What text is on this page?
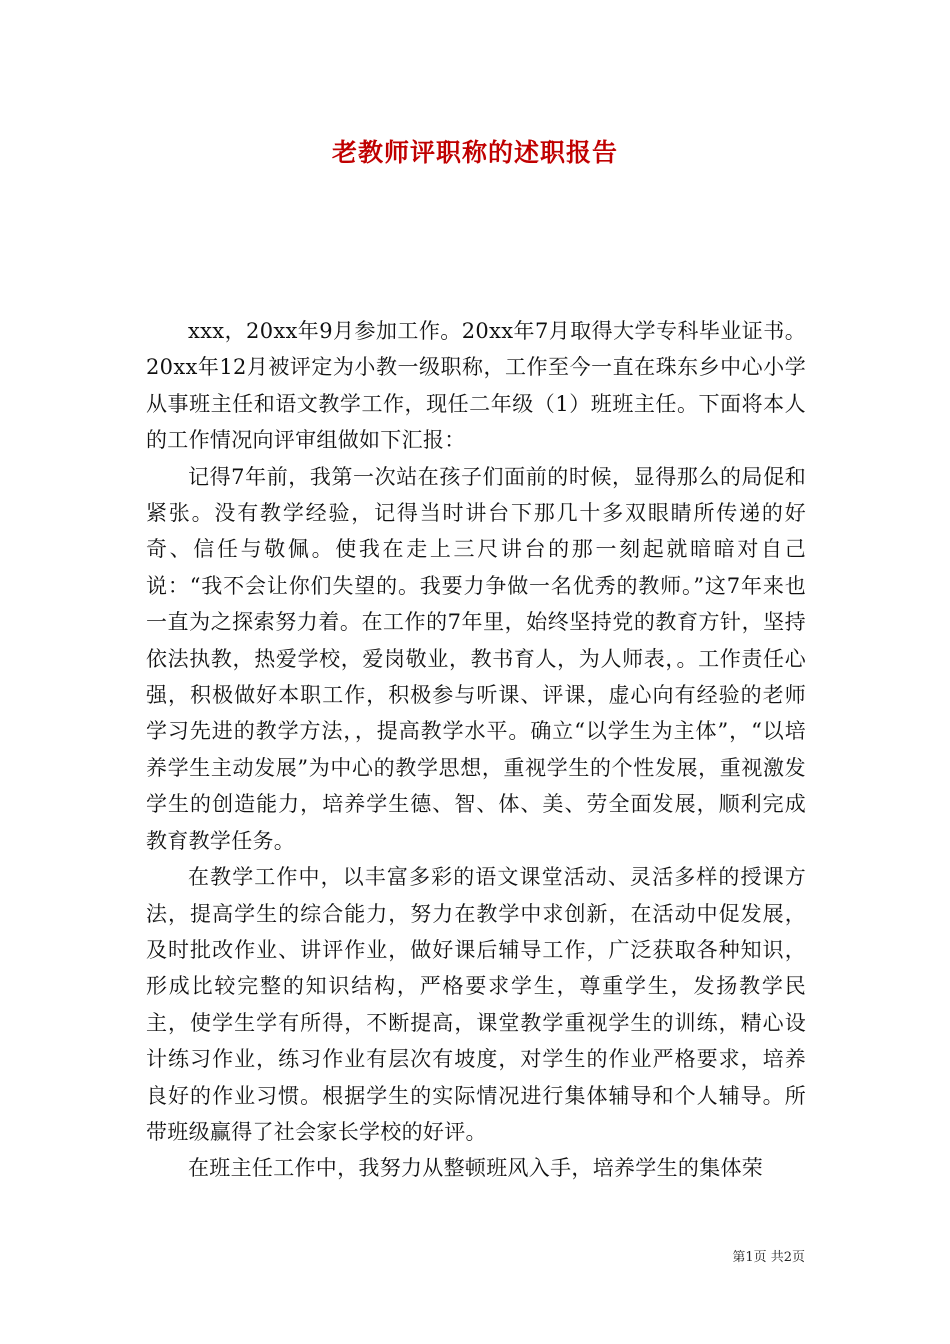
老教师评职称的述职报告

xxx，20xx年9月参加工作。20xx年7月取得大学专科毕业证书。20xx年12月被评定为小教一级职称，工作至今一直在珠东乡中心小学从事班主任和语文教学工作，现任二年级（1）班班主任。下面将本人的工作情况向评审组做如下汇报：

记得7年前，我第一次站在孩子们面前的时候，显得那么的局促和紧张。没有教学经验，记得当时讲台下那几十多双眼睛所传递的好奇、信任与敬佩。使我在走上三尺讲台的那一刻起就暗暗对自己说：“我不会让你们失望的。我要力争做一名优秀的教师。”这7年来也一直为之探索努力着。在工作的7年里，始终坚持党的教育方针，坚持依法执教，热爱学校，爱岗敬业，教书育人，为人师表，。工作责任心强，积极做好本职工作，积极参与听课、评课，虚心向有经验的老师学习先进的教学方法，，提高教学水平。确立“以学生为主体”，“以培养学生主动发展”为中心的教学思想，重视学生的个性发展，重视激发学生的创造能力，培养学生德、智、体、美、劳全面发展，顺利完成教育教学任务。

在教学工作中，以丰富多彩的语文课堂活动、灵活多样的授课方法，提高学生的综合能力，努力在教学中求创新，在活动中促发展，及时批改作业、讲评作业，做好课后辅导工作，广泛获取各种知识，形成比较完整的知识结构，严格要求学生，尊重学生，发扬教学民主，使学生学有所得，不断提高，课堂教学重视学生的训练，精心设计练习作业，练习作业有层次有坡度，对学生的作业严格要求，培养良好的作业习惯。根据学生的实际情况进行集体辅导和个人辅导。所带班级赢得了社会家长学校的好评。

在班主任工作中，我努力从整顿班风入手，培养学生的集体荣

第1页 共2页
